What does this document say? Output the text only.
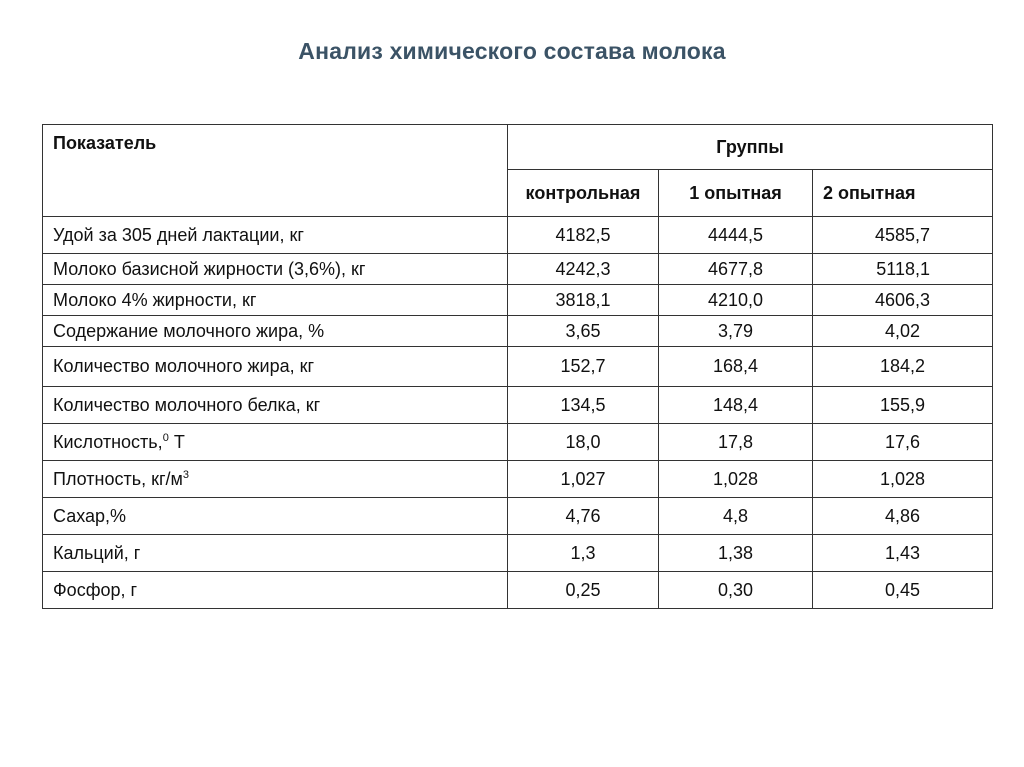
Анализ химического состава молока
Показатель	Группы		
	контрольная	1 опытная	2 опытная
Удой за 305 дней лактации, кг	4182,5	4444,5	4585,7
Молоко базисной жирности (3,6%), кг	4242,3	4677,8	5118,1
Молоко 4% жирности, кг	3818,1	4210,0	4606,3
Содержание молочного жира, %	3,65	3,79	4,02
Количество молочного жира, кг	152,7	168,4	184,2
Количество молочного белка, кг	134,5	148,4	155,9
Кислотность,$^0$ Т	18,0	17,8	17,6
Плотность, $кг/м^3$	1,027	1,028	1,028
Сахар,%	4,76	4,8	4,86
Кальций, г	1,3	1,38	1,43
Фосфор, г	0,25	0,30	0,45
